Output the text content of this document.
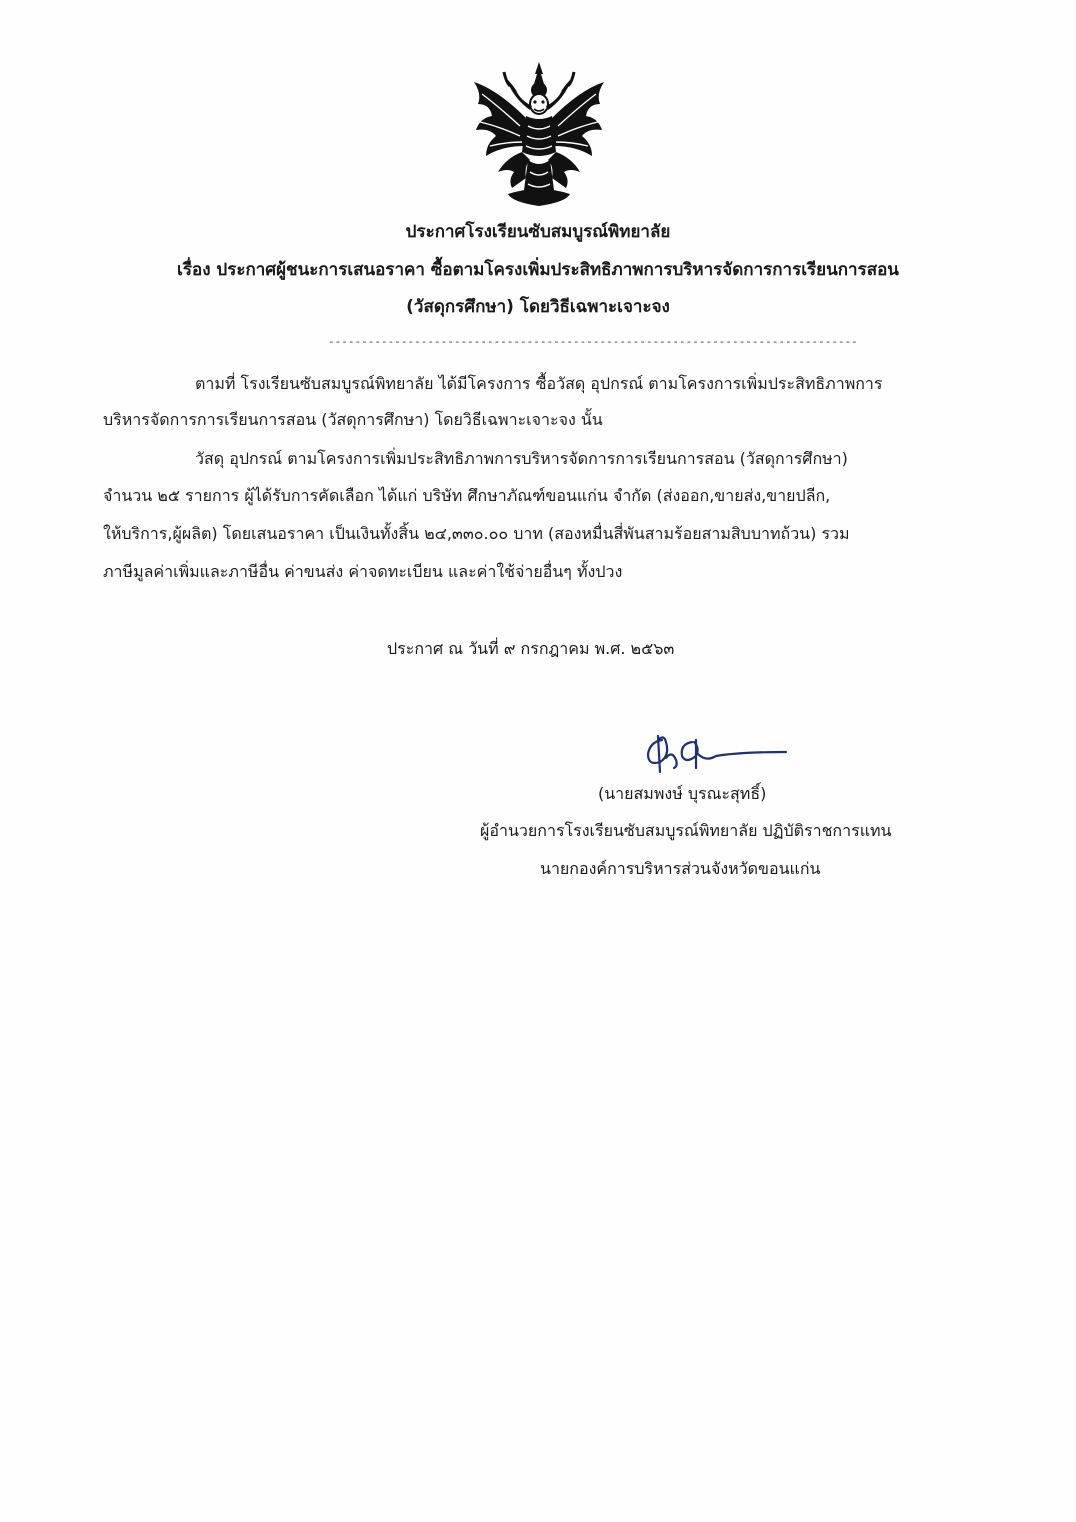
ประกาศโรงเรียนซับสมบูรณ์พิทยาลัย
เรื่อง ประกาศผู้ชนะการเสนอราคา ซื้อตามโครงเพิ่มประสิทธิภาพการบริหารจัดการการเรียนการสอน
(วัสดุกรศึกษา) โดยวิธีเฉพาะเจาะจง
--------------------------------------------------------------------------------
ตามที่ โรงเรียนซับสมบูรณ์พิทยาลัย ได้มีโครงการ ซื้อวัสดุ อุปกรณ์ ตามโครงการเพิ่มประสิทธิภาพการ
บริหารจัดการการเรียนการสอน (วัสดุการศึกษา) โดยวิธีเฉพาะเจาะจง นั้น
วัสดุ อุปกรณ์ ตามโครงการเพิ่มประสิทธิภาพการบริหารจัดการการเรียนการสอน (วัสดุการศึกษา)
จำนวน ๒๕ รายการ ผู้ได้รับการคัดเลือก ได้แก่ บริษัท ศึกษาภัณฑ์ขอนแก่น จำกัด (ส่งออก,ขายส่ง,ขายปลีก,
ให้บริการ,ผู้ผลิต) โดยเสนอราคา เป็นเงินทั้งสิ้น ๒๔,๓๓๐.๐๐ บาท (สองหมื่นสี่พันสามร้อยสามสิบบาทถ้วน) รวม
ภาษีมูลค่าเพิ่มและภาษีอื่น ค่าขนส่ง ค่าจดทะเบียน และค่าใช้จ่ายอื่นๆ ทั้งปวง
ประกาศ ณ วันที่ ๙ กรกฎาคม พ.ศ. ๒๕๖๓
(นายสมพงษ์ บุรณะสุทธิ์)
ผู้อำนวยการโรงเรียนซับสมบูรณ์พิทยาลัย ปฏิบัติราชการแทน
นายกองค์การบริหารส่วนจังหวัดขอนแก่น
